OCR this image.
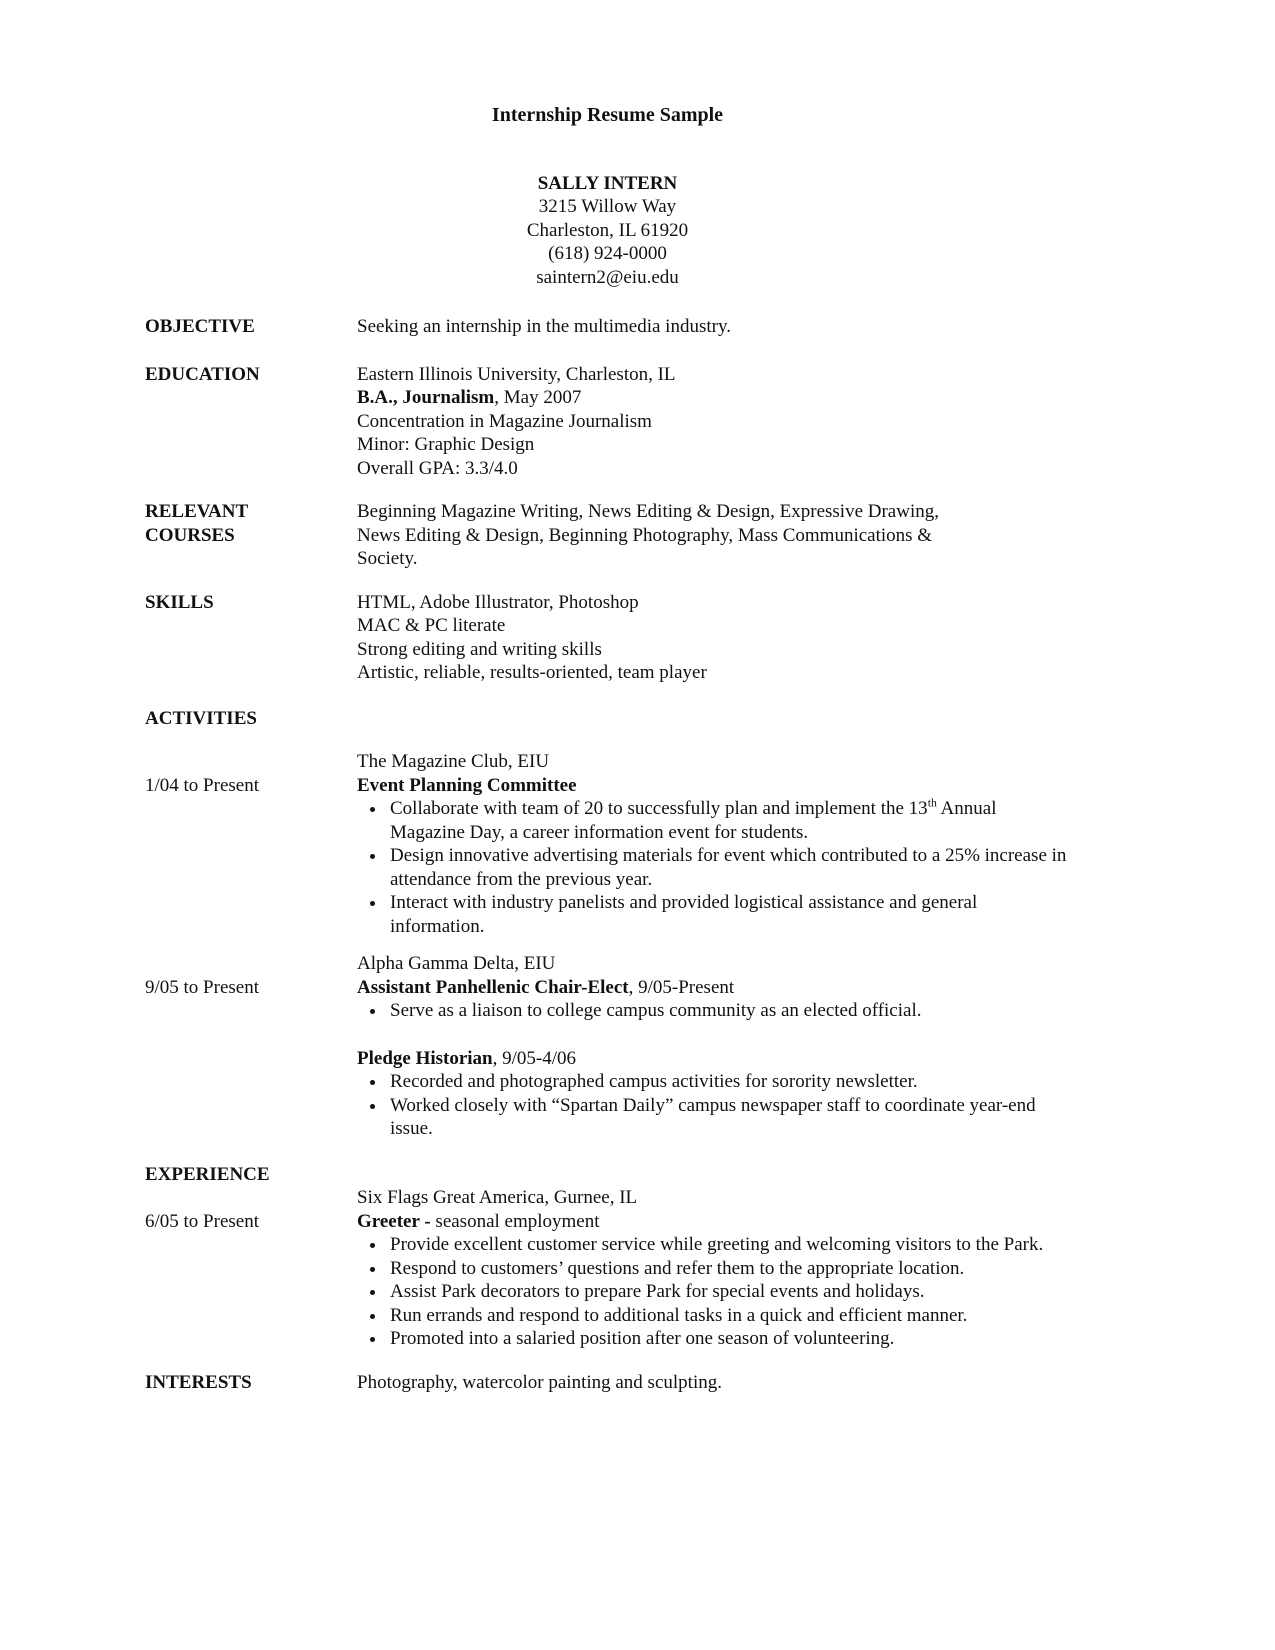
Internship Resume Sample
SALLY INTERN
3215 Willow Way
Charleston, IL 61920
(618) 924-0000
saintern2@eiu.edu
OBJECTIVE	Seeking an internship in the multimedia industry.
EDUCATION	Eastern Illinois University, Charleston, IL
B.A., Journalism, May 2007
Concentration in Magazine Journalism
Minor: Graphic Design
Overall GPA: 3.3/4.0
RELEVANT
COURSES
Beginning Magazine Writing, News Editing & Design, Expressive Drawing,
News Editing & Design, Beginning Photography, Mass Communications &
Society.
SKILLS	HTML, Adobe Illustrator, Photoshop
MAC & PC literate
Strong editing and writing skills
Artistic, reliable, results-oriented, team player
ACTIVITIES
The Magazine Club, EIU
1/04 to Present	Event Planning Committee
• Collaborate with team of 20 to successfully plan and implement the 13th Annual Magazine Day, a career information event for students.
• Design innovative advertising materials for event which contributed to a 25% increase in attendance from the previous year.
• Interact with industry panelists and provided logistical assistance and general information.
Alpha Gamma Delta, EIU
9/05 to Present	Assistant Panhellenic Chair-Elect, 9/05-Present
• Serve as a liaison to college campus community as an elected official.
Pledge Historian, 9/05-4/06
• Recorded and photographed campus activities for sorority newsletter.
• Worked closely with “Spartan Daily” campus newspaper staff to coordinate year-end issue.
EXPERIENCE
Six Flags Great America, Gurnee, IL
6/05 to Present	Greeter - seasonal employment
• Provide excellent customer service while greeting and welcoming visitors to the Park.
• Respond to customers’ questions and refer them to the appropriate location.
• Assist Park decorators to prepare Park for special events and holidays.
• Run errands and respond to additional tasks in a quick and efficient manner.
• Promoted into a salaried position after one season of volunteering.
INTERESTS	Photography, watercolor painting and sculpting.
